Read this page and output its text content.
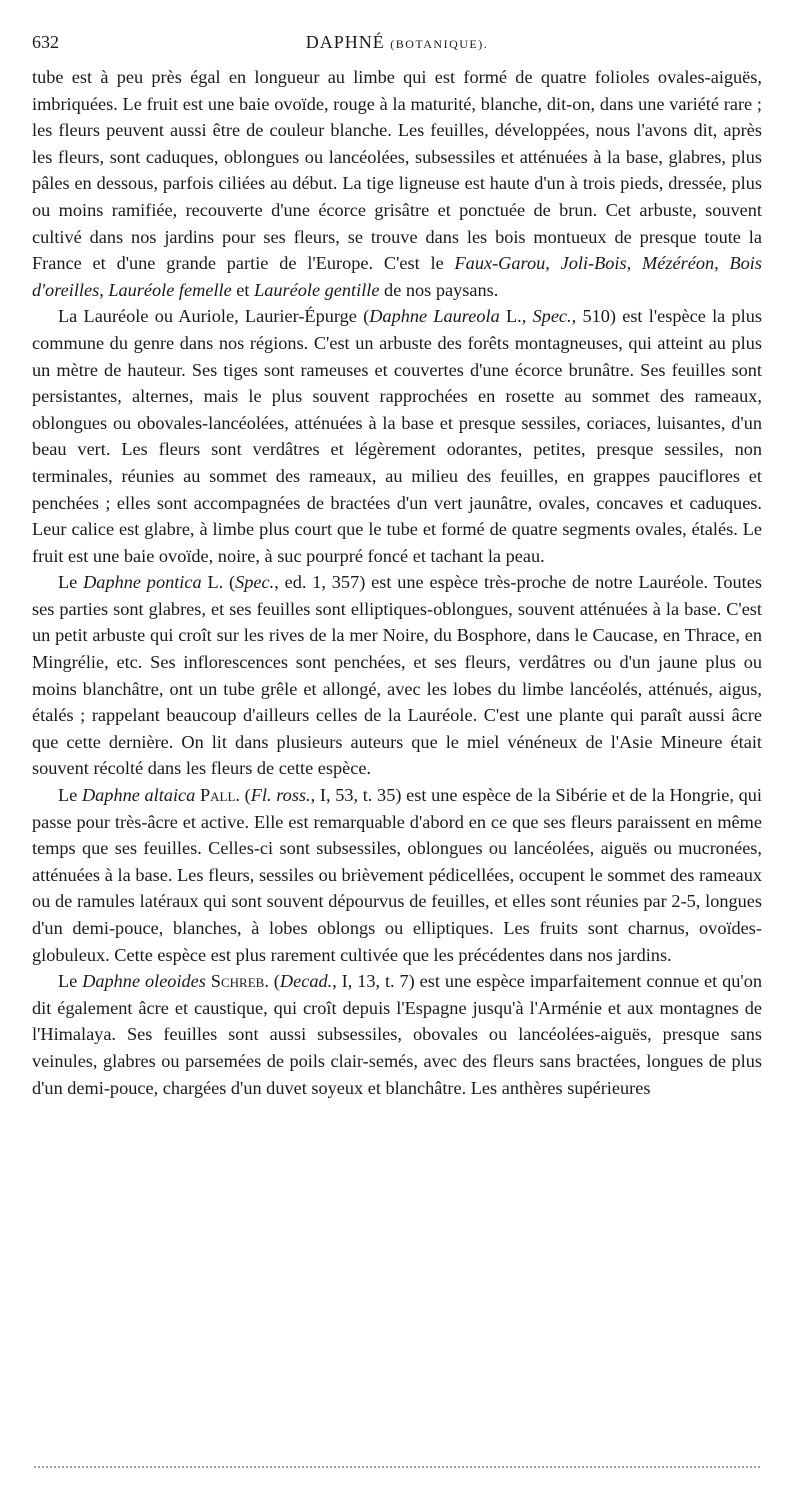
632	DAPHNÉ (BOTANIQUE).

tube est à peu près égal en longueur au limbe qui est formé de quatre folioles ovales-aiguës, imbriquées. Le fruit est une baie ovoïde, rouge à la maturité, blanche, dit-on, dans une variété rare ; les fleurs peuvent aussi être de couleur blanche. Les feuilles, développées, nous l'avons dit, après les fleurs, sont caduques, oblongues ou lancéolées, subsessiles et atténuées à la base, glabres, plus pâles en dessous, parfois ciliées au début. La tige ligneuse est haute d'un à trois pieds, dressée, plus ou moins ramifiée, recouverte d'une écorce grisâtre et ponctuée de brun. Cet arbuste, souvent cultivé dans nos jardins pour ses fleurs, se trouve dans les bois montueux de presque toute la France et d'une grande partie de l'Europe. C'est le Faux-Garou, Joli-Bois, Mézéréon, Bois d'oreilles, Lauréole femelle et Lauréole gentille de nos paysans.

La Lauréole ou Auriole, Laurier-Épurge (Daphne Laureola L., Spec., 510) est l'espèce la plus commune du genre dans nos régions. C'est un arbuste des forêts montagneuses, qui atteint au plus un mètre de hauteur. Ses tiges sont rameuses et couvertes d'une écorce brunâtre. Ses feuilles sont persistantes, alternes, mais le plus souvent rapprochées en rosette au sommet des rameaux, oblongues ou obovales-lancéolées, atténuées à la base et presque sessiles, coriaces, luisantes, d'un beau vert. Les fleurs sont verdâtres et légèrement odorantes, petites, presque sessiles, non terminales, réunies au sommet des rameaux, au milieu des feuilles, en grappes pauciflores et penchées ; elles sont accompagnées de bractées d'un vert jaunâtre, ovales, concaves et caduques. Leur calice est glabre, à limbe plus court que le tube et formé de quatre segments ovales, étalés. Le fruit est une baie ovoïde, noire, à suc pourpré foncé et tachant la peau.

Le Daphne pontica L. (Spec., ed. 1, 357) est une espèce très-proche de notre Lauréole. Toutes ses parties sont glabres, et ses feuilles sont elliptiques-oblongues, souvent atténuées à la base. C'est un petit arbuste qui croît sur les rives de la mer Noire, du Bosphore, dans le Caucase, en Thrace, en Mingrélie, etc. Ses inflorescences sont penchées, et ses fleurs, verdâtres ou d'un jaune plus ou moins blanchâtre, ont un tube grêle et allongé, avec les lobes du limbe lancéolés, atténués, aigus, étalés ; rappelant beaucoup d'ailleurs celles de la Lauréole. C'est une plante qui paraît aussi âcre que cette dernière. On lit dans plusieurs auteurs que le miel vénéneux de l'Asie Mineure était souvent récolté dans les fleurs de cette espèce.

Le Daphne altaica Pall. (Fl. ross., I, 53, t. 35) est une espèce de la Sibérie et de la Hongrie, qui passe pour très-âcre et active. Elle est remarquable d'abord en ce que ses fleurs paraissent en même temps que ses feuilles. Celles-ci sont subsessiles, oblongues ou lancéolées, aiguës ou mucronées, atténuées à la base. Les fleurs, sessiles ou brièvement pédicellées, occupent le sommet des rameaux ou de ramules latéraux qui sont souvent dépourvus de feuilles, et elles sont réunies par 2-5, longues d'un demi-pouce, blanches, à lobes oblongs ou elliptiques. Les fruits sont charnus, ovoïdes-globuleux. Cette espèce est plus rarement cultivée que les précédentes dans nos jardins.

Le Daphne oleoides Schreb. (Decad., I, 13, t. 7) est une espèce imparfaitement connue et qu'on dit également âcre et caustique, qui croît depuis l'Espagne jusqu'à l'Arménie et aux montagnes de l'Himalaya. Ses feuilles sont aussi subsessiles, obovales ou lancéolées-aiguës, presque sans veinules, glabres ou parsemées de poils clair-semés, avec des fleurs sans bractées, longues de plus d'un demi-pouce, chargées d'un duvet soyeux et blanchâtre. Les anthères supérieures
